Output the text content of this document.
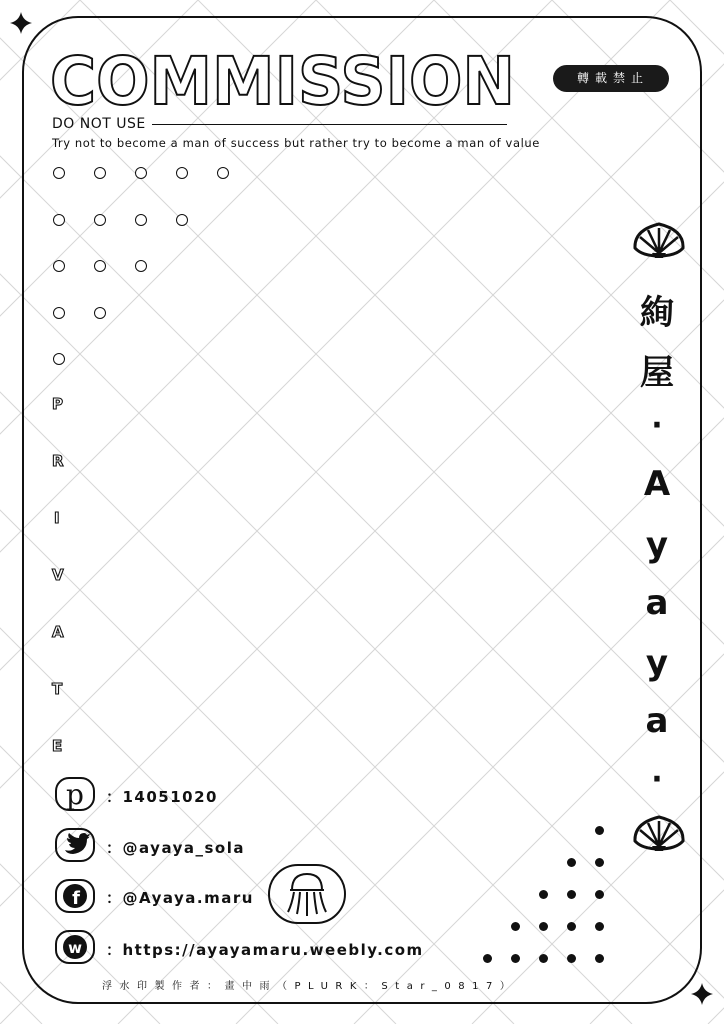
COMMISSION	轉載禁止
DO NOT USE
Try not to become a man of success but rather try to become a man of value
P
R
I
V
A
T
E
絢
屋
·
A
y
a
y
a
·
p ：14051020
：@ayaya_sola
f ：@Ayaya.maru
w ：https://ayayamaru.weebly.com
浮水印製作者：畫中雨（PLURK：Star_0817）
